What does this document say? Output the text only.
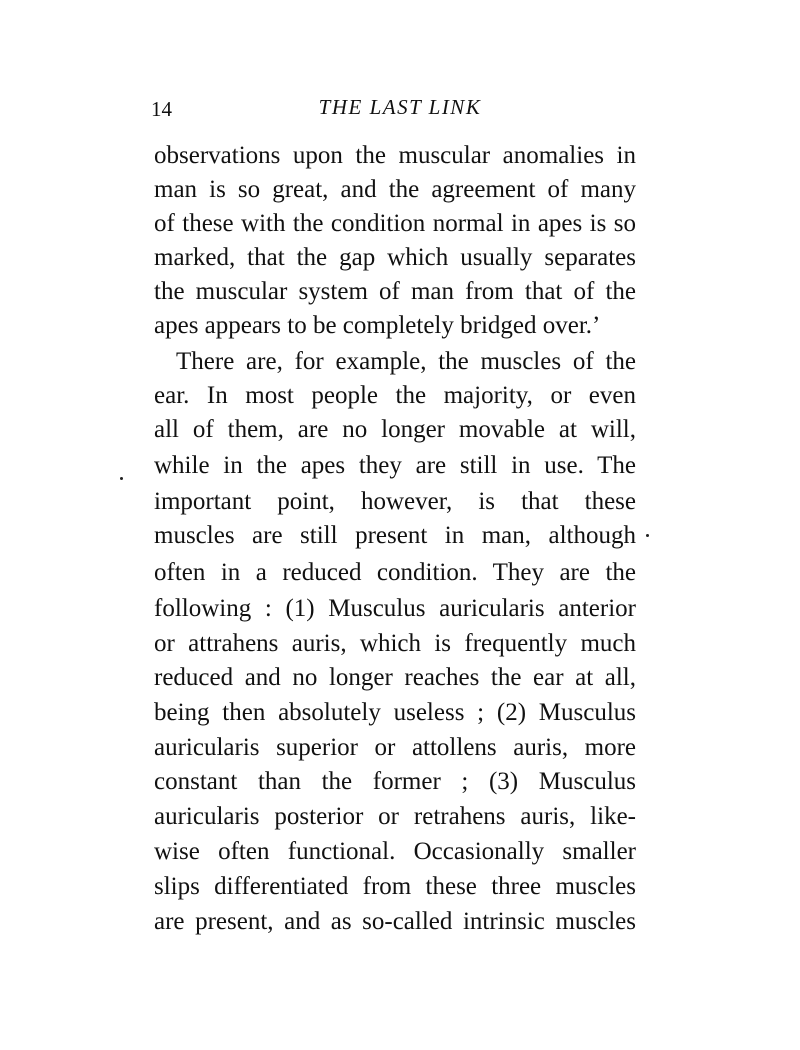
14	THE LAST LINK
observations upon the muscular anomalies in
man is so great, and the agreement of many
of these with the condition normal in apes is so
marked, that the gap which usually separates
the muscular system of man from that of the
apes appears to be completely bridged over.’
There are, for example, the muscles of the
ear. In most people the majority, or even
all of them, are no longer movable at will,
while in the apes they are still in use. The
important point, however, is that these
muscles are still present in man, although
often in a reduced condition. They are the
following : (1) Musculus auricularis anterior
or attrahens auris, which is frequently much
reduced and no longer reaches the ear at all,
being then absolutely useless ; (2) Musculus
auricularis superior or attollens auris, more
constant than the former ; (3) Musculus
auricularis posterior or retrahens auris, like-
wise often functional. Occasionally smaller
slips differentiated from these three muscles
are present, and as so-called intrinsic muscles
